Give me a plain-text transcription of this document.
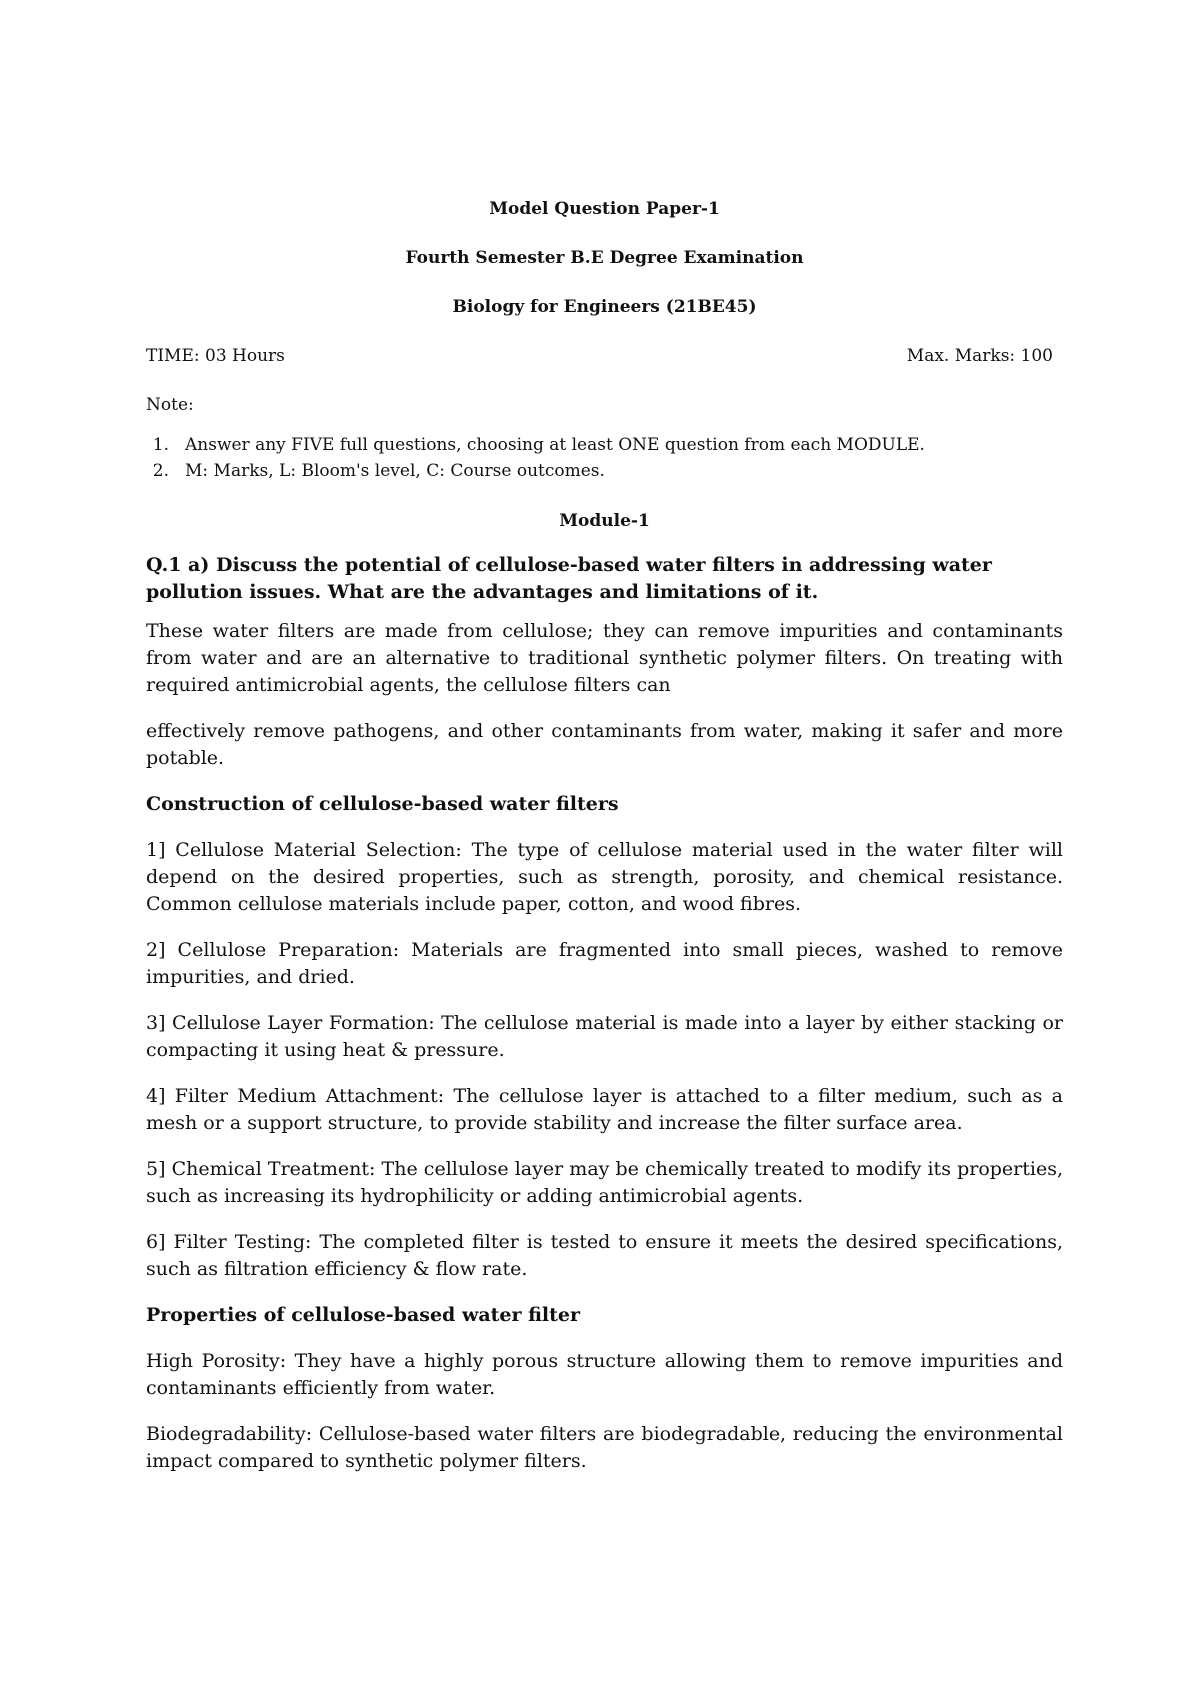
Model Question Paper-1
Fourth Semester B.E Degree Examination
Biology for Engineers (21BE45)
TIME: 03 Hours	Max. Marks: 100
Note:
1. Answer any FIVE full questions, choosing at least ONE question from each MODULE.
2. M: Marks, L: Bloom's level, C: Course outcomes.
Module-1
Q.1 a) Discuss the potential of cellulose-based water filters in addressing water pollution issues. What are the advantages and limitations of it.

These water filters are made from cellulose; they can remove impurities and contaminants from water and are an alternative to traditional synthetic polymer filters. On treating with required antimicrobial agents, the cellulose filters can

effectively remove pathogens, and other contaminants from water, making it safer and more potable.

Construction of cellulose-based water filters

1] Cellulose Material Selection: The type of cellulose material used in the water filter will depend on the desired properties, such as strength, porosity, and chemical resistance. Common cellulose materials include paper, cotton, and wood fibres.

2] Cellulose Preparation: Materials are fragmented into small pieces, washed to remove impurities, and dried.

3] Cellulose Layer Formation: The cellulose material is made into a layer by either stacking or compacting it using heat & pressure.

4] Filter Medium Attachment: The cellulose layer is attached to a filter medium, such as a mesh or a support structure, to provide stability and increase the filter surface area.

5] Chemical Treatment: The cellulose layer may be chemically treated to modify its properties, such as increasing its hydrophilicity or adding antimicrobial agents.

6] Filter Testing: The completed filter is tested to ensure it meets the desired specifications, such as filtration efficiency & flow rate.

Properties of cellulose-based water filter

High Porosity: They have a highly porous structure allowing them to remove impurities and contaminants efficiently from water.

Biodegradability: Cellulose-based water filters are biodegradable, reducing the environmental impact compared to synthetic polymer filters.
